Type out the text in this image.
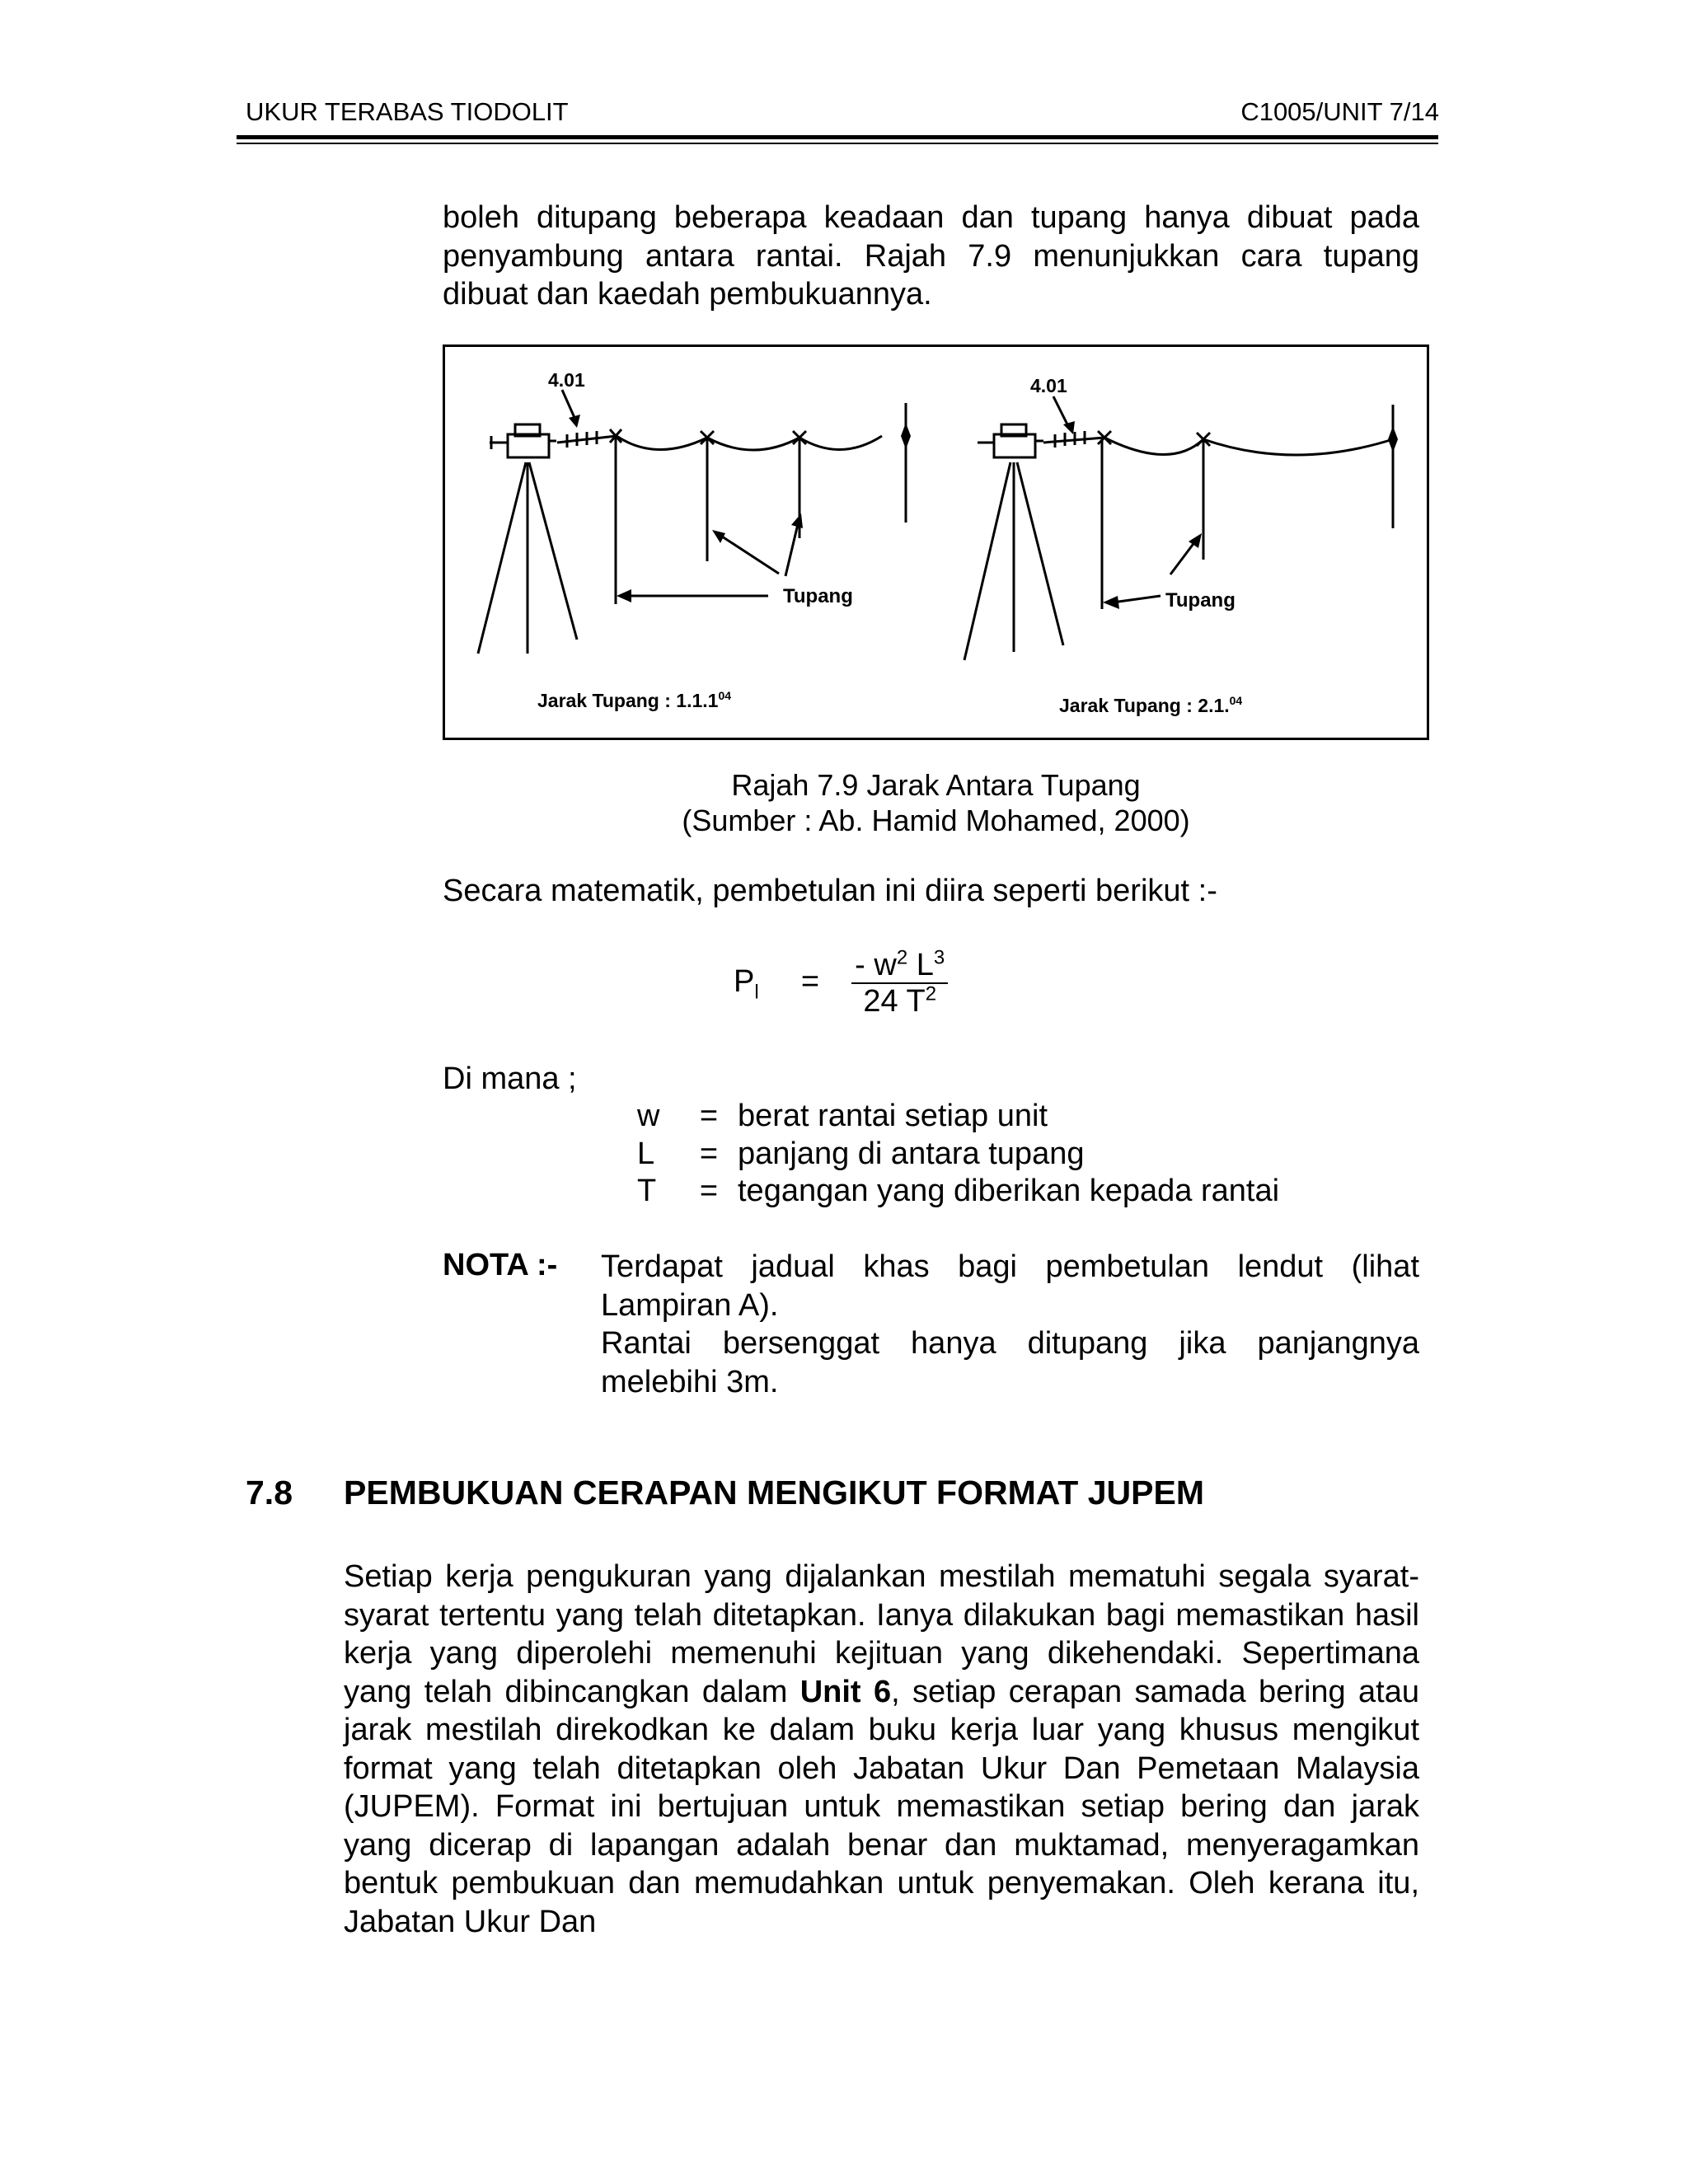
UKUR TERABAS TIODOLIT	C1005/UNIT 7/14
boleh ditupang beberapa keadaan dan tupang hanya dibuat pada penyambung antara rantai. Rajah 7.9 menunjukkan cara tupang dibuat dan kaedah pembukuannya.
4.01	4.01
Tupang	Tupang
Jarak Tupang : 1.1.1$^{04}$	Jarak Tupang : 2.1.04
Rajah 7.9 Jarak Antara Tupang
(Sumber : Ab. Hamid Mohamed, 2000)
Secara matematik, pembetulan ini diira seperti berikut :-
$P_l = \frac{- w^2 L^3}{24 T^2}$
Di mana ;
w	= berat rantai setiap unit
L	= panjang di antara tupang
T	= tegangan yang diberikan kepada rantai
NOTA :- Terdapat jadual khas bagi pembetulan lendut (lihat Lampiran A).

Rantai bersenggat hanya ditupang jika panjangnya melebihi 3m.

7.8 PEMBUKUAN CERAPAN MENGIKUT FORMAT JUPEM
Setiap kerja pengukuran yang dijalankan mestilah mematuhi segala syarat-syarat tertentu yang telah ditetapkan. Ianya dilakukan bagi memastikan hasil kerja yang diperolehi memenuhi kejituan yang dikehendaki. Sepertimana yang telah dibincangkan dalam Unit 6, setiap cerapan samada bering atau jarak mestilah direkodkan ke dalam buku kerja luar yang khusus mengikut format yang telah ditetapkan oleh Jabatan Ukur Dan Pemetaan Malaysia (JUPEM). Format ini bertujuan untuk memastikan setiap bering dan jarak yang dicerap di lapangan adalah benar dan muktamad, menyeragamkan bentuk pembukuan dan memudahkan untuk penyemakan. Oleh kerana itu, Jabatan Ukur Dan
